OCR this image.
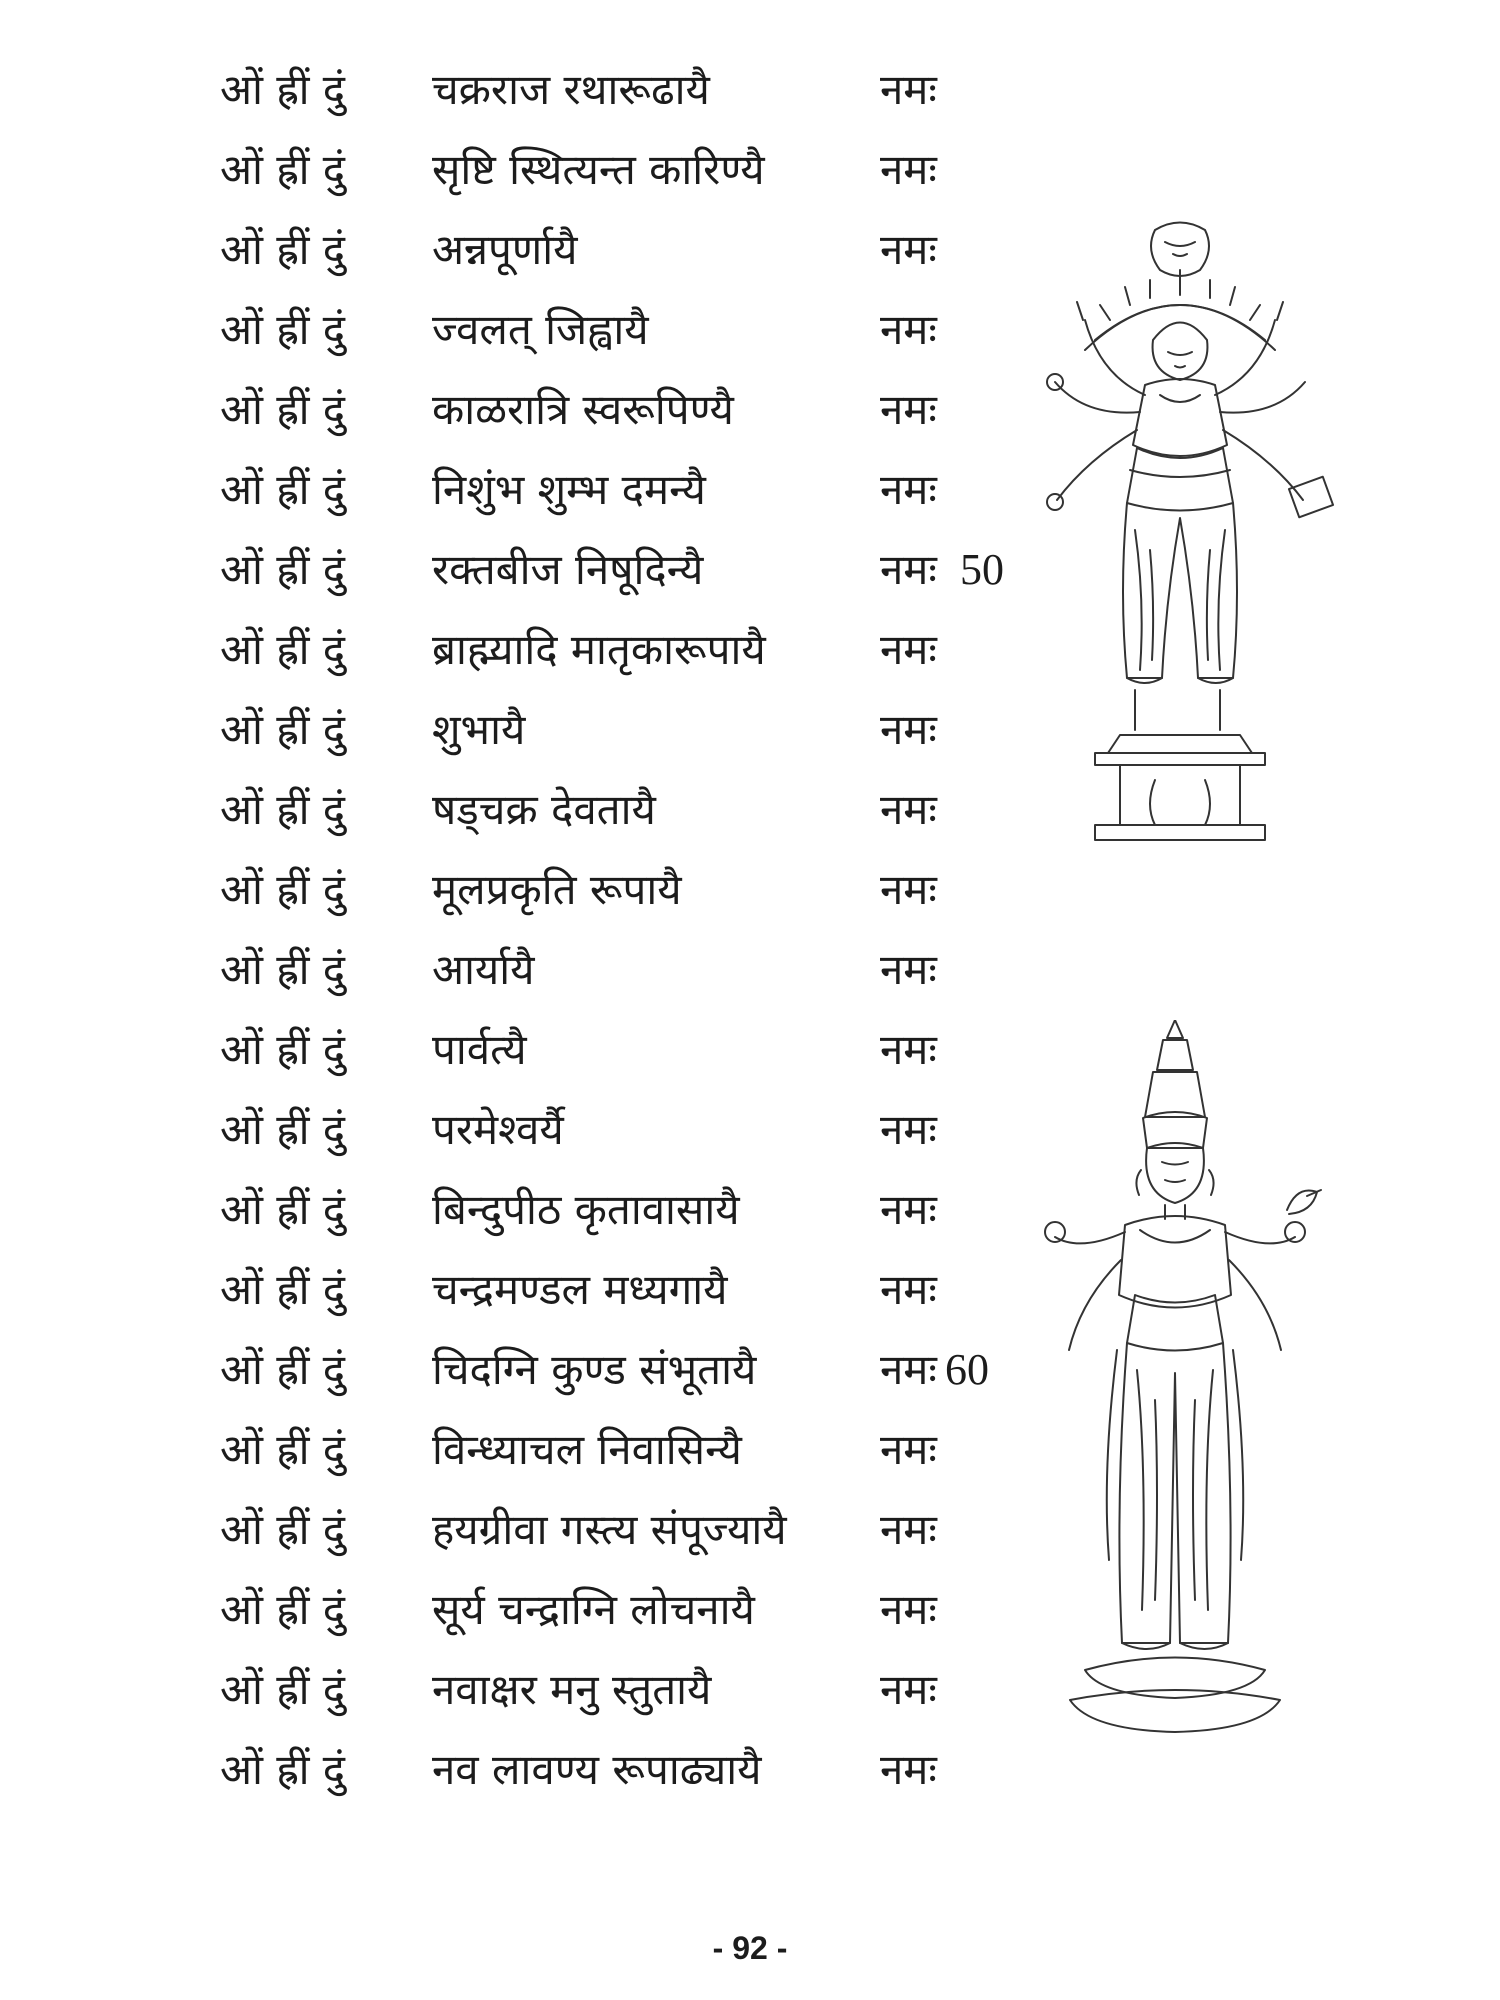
ओं ह्रीं दुं चक्रराज रथारूढायै	नमः
ओं ह्रीं दुं सृष्टि स्थित्यन्त कारिण्यै	नमः
ओं ह्रीं दुं अन्नपूर्णायै	नमः
ओं ह्रीं दुं ज्वलत् जिह्वायै	नमः
ओं ह्रीं दुं काळरात्रि स्वरूपिण्यै	नमः
ओं ह्रीं दुं निशुंभ शुम्भ दमन्यै	नमः
ओं ह्रीं दुं रक्तबीज निषूदिन्यै	नमः 50
ओं ह्रीं दुं ब्राह्म्यादि मातृकारूपायै	नमः
ओं ह्रीं दुं शुभायै	नमः
ओं ह्रीं दुं षड्चक्र देवतायै	नमः
ओं ह्रीं दुं मूलप्रकृति रूपायै	नमः
ओं ह्रीं दुं आर्यायै	नमः
ओं ह्रीं दुं पार्वत्यै	नमः
ओं ह्रीं दुं परमेश्वर्यै	नमः
ओं ह्रीं दुं बिन्दुपीठ कृतावासायै	नमः
ओं ह्रीं दुं चन्द्रमण्डल मध्यगायै	नमः
ओं ह्रीं दुं चिदग्नि कुण्ड संभूतायै	नमः 60
ओं ह्रीं दुं विन्ध्याचल निवासिन्यै	नमः
ओं ह्रीं दुं हयग्रीवा गस्त्य संपूज्यायै नमः
ओं ह्रीं दुं सूर्य चन्द्राग्नि लोचनायै	नमः
ओं ह्रीं दुं नवाक्षर मनु स्तुतायै	नमः
ओं ह्रीं दुं नव लावण्य रूपाढ्यायै	नमः
- 92 -
